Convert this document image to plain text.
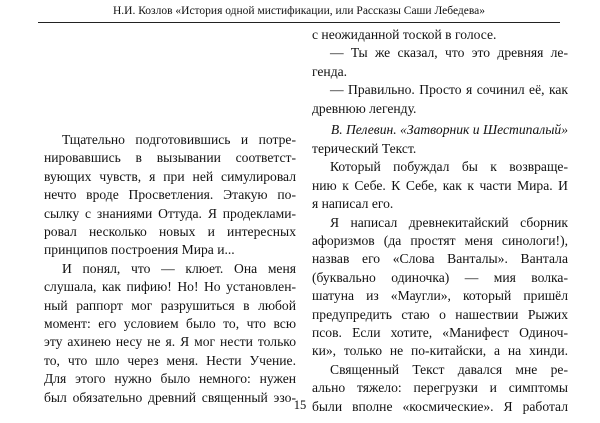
Н.И. Козлов «История одной мистификации, или Рассказы Саши Лебедева»
Тщательно подготовившись и потре-
нировавшись в вызывании соответст-
вующих чувств, я при ней симулировал
нечто вроде Просветления. Этакую по-
сылку с знаниями Оттуда. Я продеклами-
ровал несколько новых и интересных
принципов построения Мира и...
И понял, что — клюет. Она меня
слушала, как пифию! Но! Но установлен-
ный раппорт мог разрушиться в любой
момент: его условием было то, что всю
эту ахинею несу не я. Я мог нести только
то, что шло через меня. Нести Учение.
Для этого нужно было немного: нужен
был обязательно древний священный эзо-
с неожиданной тоской в голосе.
— Ты же сказал, что это древняя ле-
генда.
— Правильно. Просто я сочинил её, как
древнюю легенду.
В. Пелевин. «Затворник и Шестипалый»
терический Текст.
Который побуждал бы к возвраще-
нию к Себе. К Себе, как к части Мира. И
я написал его.
Я написал древнекитайский сборник
афоризмов (да простят меня синологи!),
назвав его «Слова Ванталы». Вантала
(буквально одиночка) — мия волка-
шатуна из «Маугли», который пришёл
предупредить стаю о нашествии Рыжих
псов. Если хотите, «Манифест Одиноч-
ки», только не по-китайски, а на хинди.
Священный Текст давался мне ре-
ально тяжело: перегрузки и симптомы
были вполне «космические». Я работал
15
